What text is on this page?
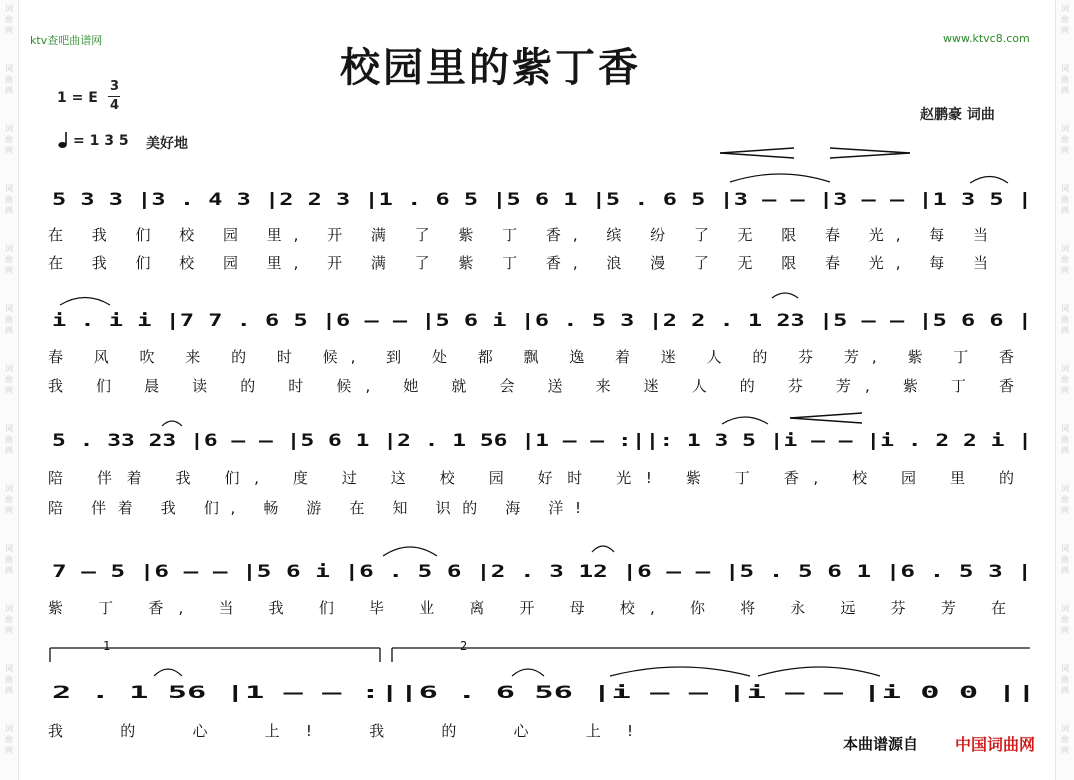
词
曲
网
词
曲
网
词
曲
网
词
曲
网
词
曲
网
词
曲
网
词
曲
网
词
曲
网
词
曲
网
词
曲
网
词
曲
网
词
曲
网
词
曲
网
词
曲
网
词
曲
网
词
曲
网
词
曲
网
词
曲
网
词
曲
网
词
曲
网
词
曲
网
词
曲
网
词
曲
网
词
曲
网
词
曲
网
词
曲
网
ktv查吧曲谱网	www.ktvc8.com
校园里的紫丁香
1 = E
3
4
= 1 3 5 美好地
赵鹏豪 词曲
5 3 3 |3 . 4 3 |2 2 3 |1 . 6 5 |5 6 1 |5 . 6 5 |3 – – |3 – – |1 3 5 |
在 我 们 校 园 里, 开 满 了 紫 丁 香, 缤 纷 了 无 限 春 光, 每 当
在 我 们 校 园 里, 开 满 了 紫 丁 香, 浪 漫 了 无 限 春 光, 每 当
i . i i |7 7 . 6 5 |6 – – |5 6 i |6 . 5 3 |2 2 . 1 23 |5 – – |5 6 6 |
春 风 吹 来 的 时 候, 到 处 都 飘 逸 着 迷 人 的 芬 芳, 紫 丁 香
我 们 晨 读 的 时 候, 她 就 会 送 来 迷 人 的 芬 芳, 紫 丁 香
5 . 33 23 |6 – – |5 6 1 |2 . 1 56 |1 – – :||: 1 3 5 |i – – |i . 2 2 i |
陪 伴着 我 们, 度 过 这 校 园 好时 光! 紫 丁 香, 校 园 里 的
陪 伴着 我 们, 畅 游 在 知 识的 海 洋!
7 – 5 |6 – – |5 6 i |6 . 5 6 |2 . 3 12 |6 – – |5 . 5 6 1 |6 . 5 3 |
紫 丁 香, 当 我 们 毕 业 离 开 母 校, 你 将 永 远 芬 芳 在
1	2
2 . 1 56 |1 – – :||6 . 6 56 |i – – |i – – |i 0 0 ||
我 的 心 上! 我 的 心 上!
本曲谱源自 中国词曲网
